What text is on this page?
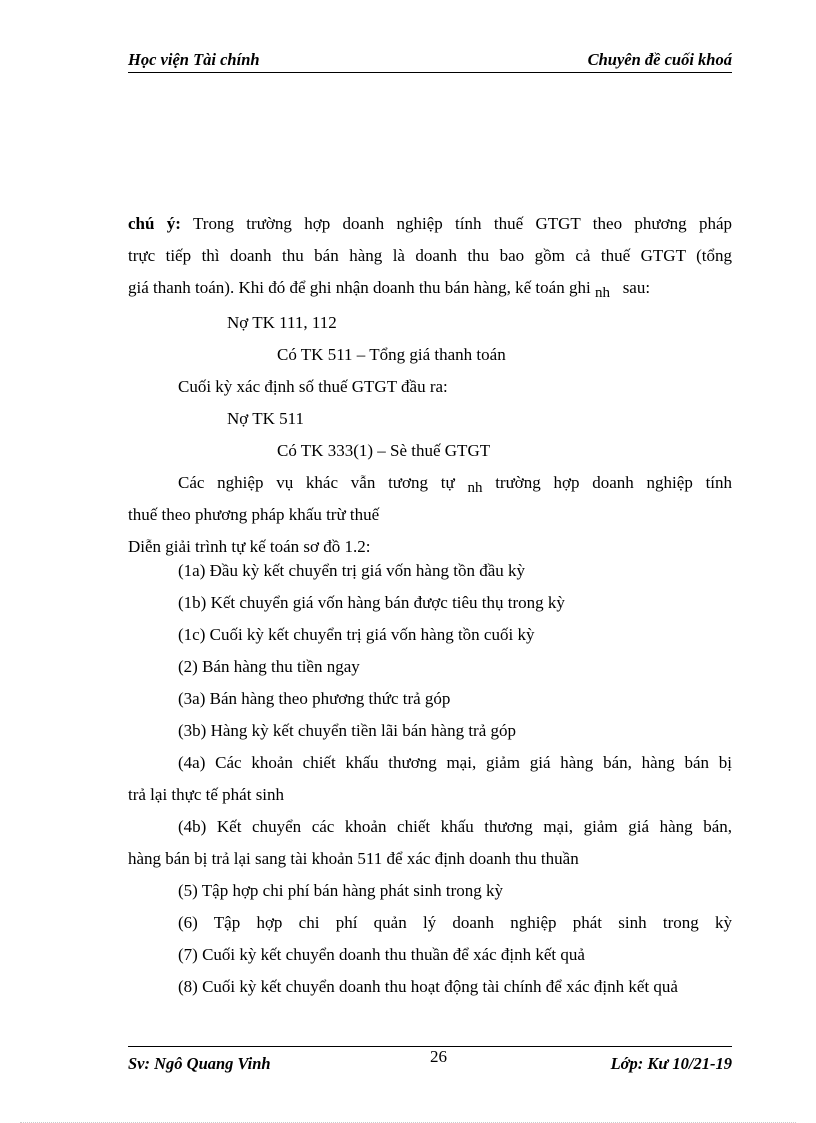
Học viện Tài chính	Chuyên đề cuối khoá
chú ý: Trong trường hợp doanh nghiệp tính thuế GTGT theo phương pháp
trực tiếp thì doanh thu bán hàng là doanh thu bao gồm cả thuế GTGT (tổng
giá thanh toán). Khi đó để ghi nhận doanh thu bán hàng, kế toán ghi nh sau:
Nợ TK 111, 112
Có TK 511 – Tổng giá thanh toán
Cuối kỳ xác định số thuế GTGT đầu ra:
Nợ TK 511
Có TK 333(1) – Sè thuế GTGT
Các nghiệp vụ khác vẫn tương tự nh trường hợp doanh nghiệp tính
thuế theo phương pháp khấu trừ thuế
Diễn giải trình tự kế toán sơ đồ 1.2:
(1a) Đầu kỳ kết chuyển trị giá vốn hàng tồn đầu kỳ
(1b) Kết chuyển giá vốn hàng bán được tiêu thụ trong kỳ
(1c) Cuối kỳ kết chuyển trị giá vốn hàng tồn cuối kỳ
(2) Bán hàng thu tiền ngay
(3a) Bán hàng theo phương thức trả góp
(3b) Hàng kỳ kết chuyển tiền lãi bán hàng trả góp
(4a) Các khoản chiết khấu thương mại, giảm giá hàng bán, hàng bán bị
trả lại thực tế phát sinh
(4b) Kết chuyển các khoản chiết khấu thương mại, giảm giá hàng bán,
hàng bán bị trả lại sang tài khoản 511 để xác định doanh thu thuần
(5) Tập hợp chi phí bán hàng phát sinh trong kỳ
(6) Tập hợp chi phí quản lý doanh nghiệp phát sinh trong kỳ
(7) Cuối kỳ kết chuyển doanh thu thuần để xác định kết quả
(8) Cuối kỳ kết chuyển doanh thu hoạt động tài chính để xác định kết quả
26
Sv: Ngô Quang Vinh	Lớp: K‍ư 10/21-19
